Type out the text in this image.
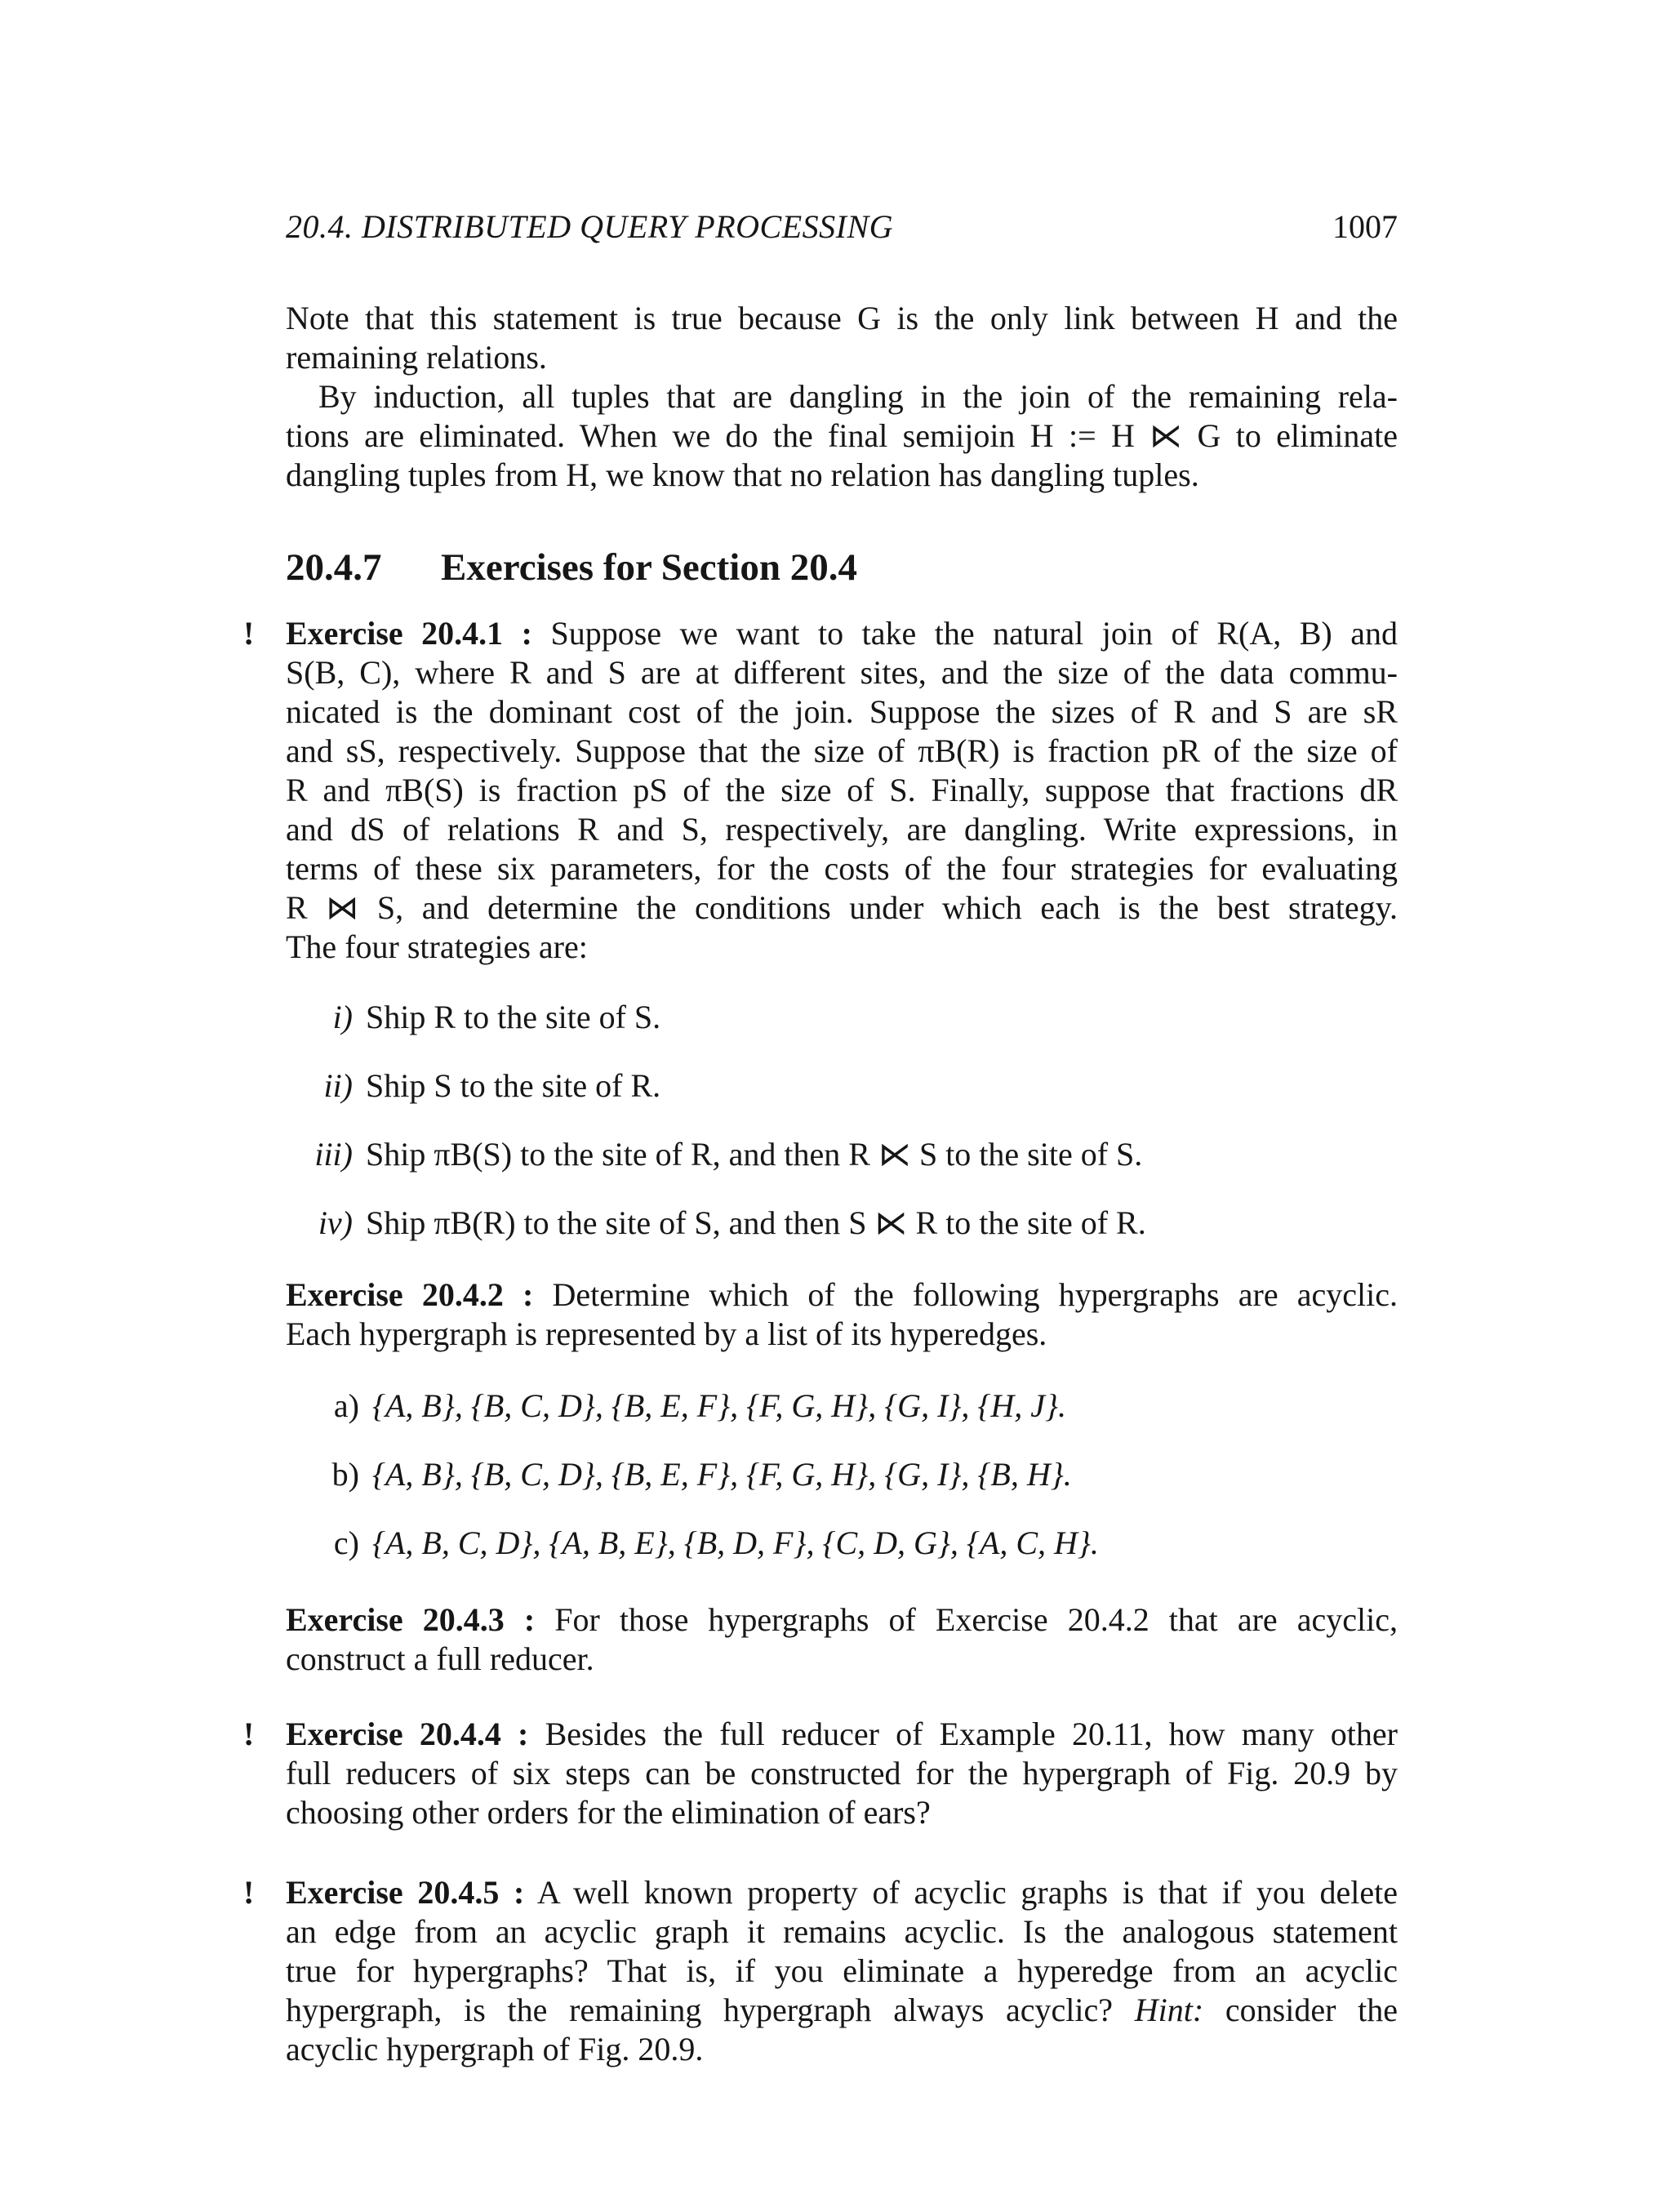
20.4. DISTRIBUTED QUERY PROCESSING	1007
Note that this statement is true because G is the only link between H and the
remaining relations.
By induction, all tuples that are dangling in the join of the remaining rela-
tions are eliminated. When we do the final semijoin H := H ⋉ G to eliminate
dangling tuples from H, we know that no relation has dangling tuples.
20.4.7 Exercises for Section 20.4
! Exercise 20.4.1 : Suppose we want to take the natural join of R(A, B) and
S(B, C), where R and S are at different sites, and the size of the data commu-
nicated is the dominant cost of the join. Suppose the sizes of R and S are sR
and sS, respectively. Suppose that the size of πB(R) is fraction pR of the size of
R and πB(S) is fraction pS of the size of S. Finally, suppose that fractions dR
and dS of relations R and S, respectively, are dangling. Write expressions, in
terms of these six parameters, for the costs of the four strategies for evaluating
R ⋈ S, and determine the conditions under which each is the best strategy.
The four strategies are:
i) Ship R to the site of S.
ii) Ship S to the site of R.
iii) Ship πB(S) to the site of R, and then R ⋉ S to the site of S.
iv) Ship πB(R) to the site of S, and then S ⋉ R to the site of R.
Exercise 20.4.2 : Determine which of the following hypergraphs are acyclic.
Each hypergraph is represented by a list of its hyperedges.
a) {A, B}, {B, C, D}, {B, E, F}, {F, G, H}, {G, I}, {H, J}.
b) {A, B}, {B, C, D}, {B, E, F}, {F, G, H}, {G, I}, {B, H}.
c) {A, B, C, D}, {A, B, E}, {B, D, F}, {C, D, G}, {A, C, H}.
Exercise 20.4.3 : For those hypergraphs of Exercise 20.4.2 that are acyclic,
construct a full reducer.
! Exercise 20.4.4 : Besides the full reducer of Example 20.11, how many other
full reducers of six steps can be constructed for the hypergraph of Fig. 20.9 by
choosing other orders for the elimination of ears?
! Exercise 20.4.5 : A well known property of acyclic graphs is that if you delete
an edge from an acyclic graph it remains acyclic. Is the analogous statement
true for hypergraphs? That is, if you eliminate a hyperedge from an acyclic
hypergraph, is the remaining hypergraph always acyclic? Hint: consider the
acyclic hypergraph of Fig. 20.9.
